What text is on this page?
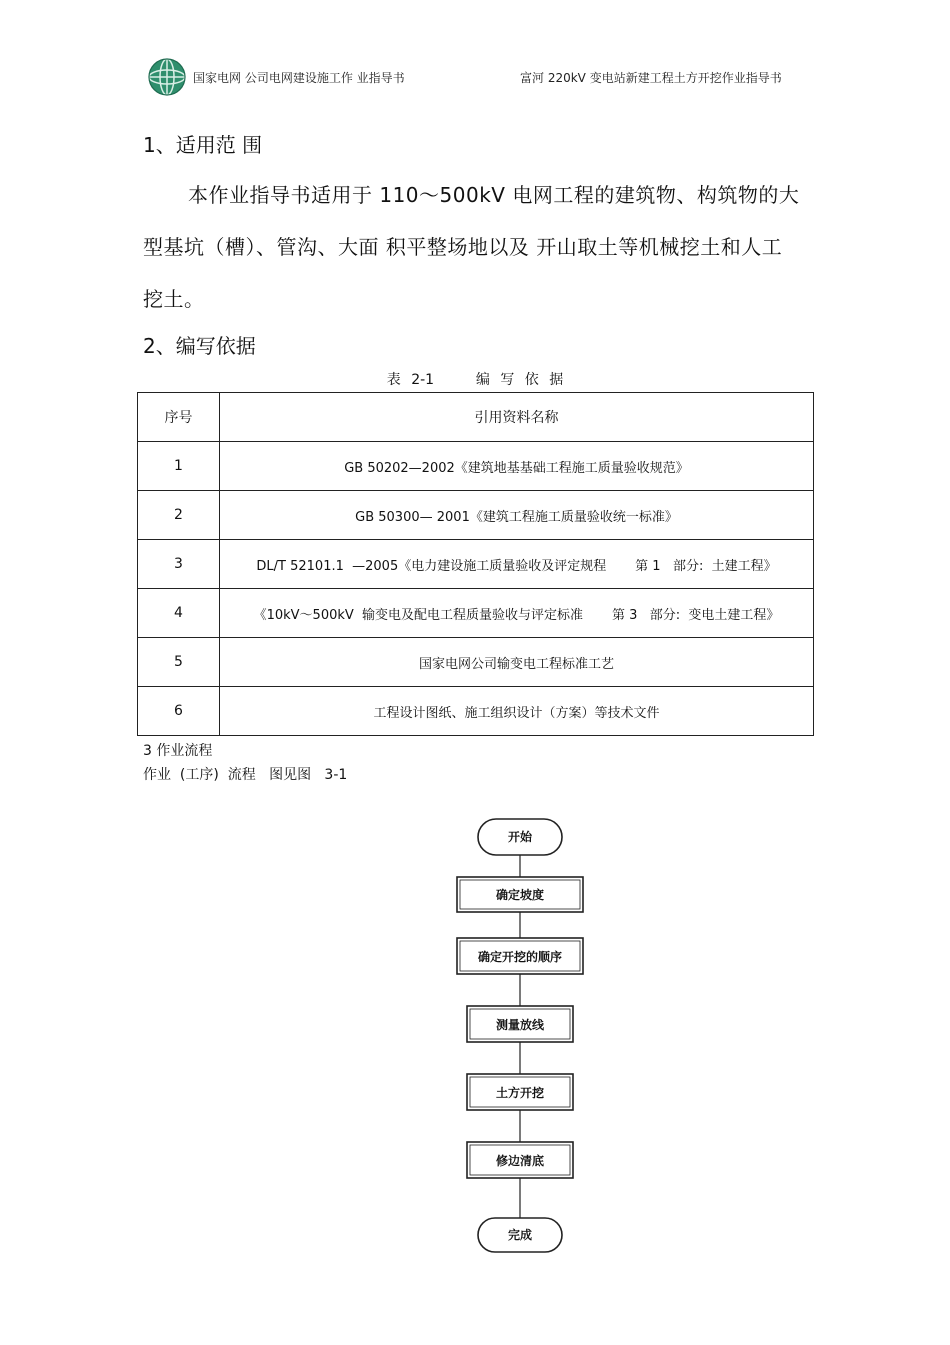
国家电网 公司电网建设施工作 业指导书	富河 220kV 变电站新建工程土方开挖作业指导书
1、适用范 围
本作业指导书适用于 110～500kV 电网工程的建筑物、构筑物的大
型基坑（槽）、管沟、大面 积平整场地以及 开山取土等机械挖土和人工
挖土。
2、编写依据
表 2-1    编 写 依 据
序号	引用资料名称
1	GB 50202—2002《建筑地基基础工程施工质量验收规范》
2	GB 50300— 2001《建筑工程施工质量验收统一标准》
3	DL/T 52101.1  —2005《电力建设施工质量验收及评定规程       第 1   部分:  土建工程》
4	《10kV～500kV  输变电及配电工程质量验收与评定标准       第 3   部分:  变电土建工程》
5	国家电网公司输变电工程标准工艺
6	工程设计图纸、施工组织设计（方案）等技术文件
3 作业流程
作业  (工序)  流程   图见图   3-1
开始
确定坡度
确定开挖的顺序
测量放线
土方开挖
修边清底
完成
